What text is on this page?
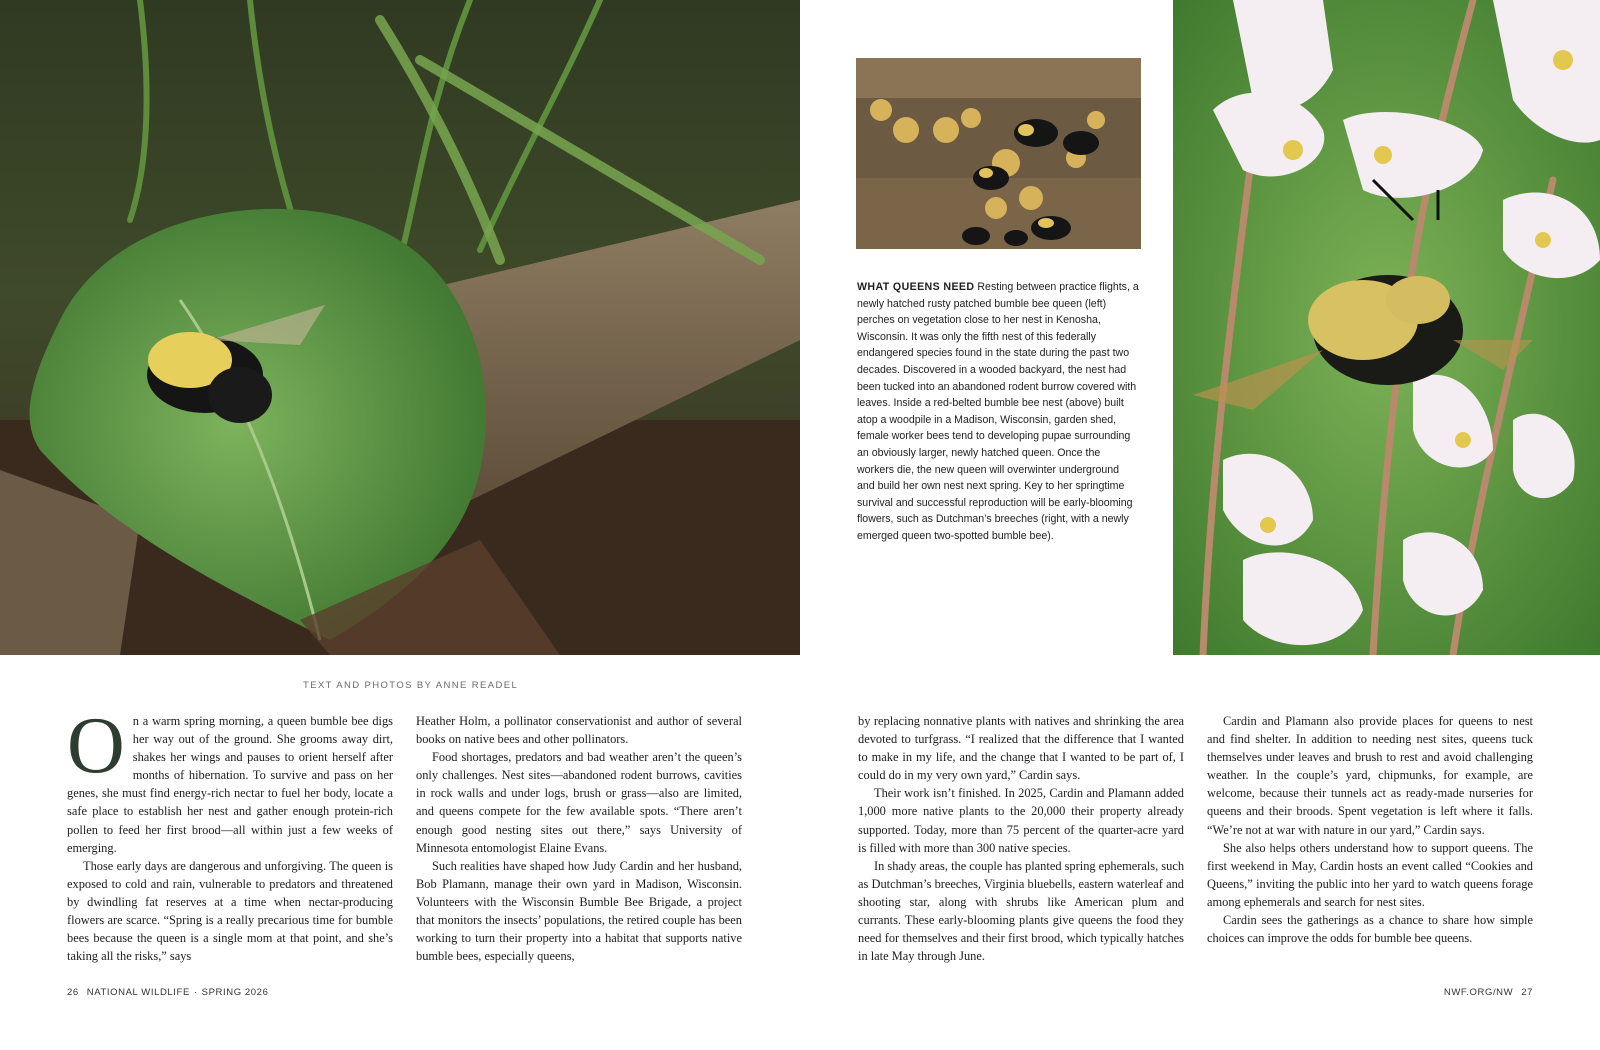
WHAT QUEENS NEED Resting between practice flights, a newly hatched rusty patched bumble bee queen (left) perches on vegetation close to her nest in Kenosha, Wisconsin. It was only the fifth nest of this federally endangered species found in the state during the past two decades. Discovered in a wooded backyard, the nest had been tucked into an abandoned rodent burrow covered with leaves. Inside a red-belted bumble bee nest (above) built atop a woodpile in a Madison, Wisconsin, garden shed, female worker bees tend to developing pupae surrounding an obviously larger, newly hatched queen. Once the workers die, the new queen will overwinter underground and build her own nest next spring. Key to her springtime survival and successful reproduction will be early-blooming flowers, such as Dutchman’s breeches (right, with a newly emerged queen two-spotted bumble bee).
TEXT AND PHOTOS BY ANNE READEL
O n a warm spring morning, a queen bumble bee digs her way out of the ground. She grooms away dirt, shakes her wings and pauses to orient herself after months of hibernation. To survive and pass on her genes, she must find energy-rich nectar to fuel her body, locate a safe place to establish her nest and gather enough protein-rich pollen to feed her first brood—all within just a few weeks of emerging.

Those early days are dangerous and unforgiving. The queen is exposed to cold and rain, vulnerable to predators and threatened by dwindling fat reserves at a time when nectar-producing flowers are scarce. “Spring is a really precarious time for bumble bees because the queen is a single mom at that point, and she’s taking all the risks,” says

Heather Holm, a pollinator conservationist and author of several books on native bees and other pollinators.

Food shortages, predators and bad weather aren’t the queen’s only challenges. Nest sites—abandoned rodent burrows, cavities in rock walls and under logs, brush or grass—also are limited, and queens compete for the few available spots. “There aren’t enough good nesting sites out there,” says University of Minnesota entomologist Elaine Evans.

Such realities have shaped how Judy Cardin and her husband, Bob Plamann, manage their own yard in Madison, Wisconsin. Volunteers with the Wisconsin Bumble Bee Brigade, a project that monitors the insects’ populations, the retired couple has been working to turn their property into a habitat that supports native bumble bees, especially queens,

by replacing nonnative plants with natives and shrinking the area devoted to turfgrass. “I realized that the difference that I wanted to make in my life, and the change that I wanted to be part of, I could do in my very own yard,” Cardin says.

Their work isn’t finished. In 2025, Cardin and Plamann added 1,000 more native plants to the 20,000 their property already supported. Today, more than 75 percent of the quarter-acre yard is filled with more than 300 native species.

In shady areas, the couple has planted spring ephemerals, such as Dutchman’s breeches, Virginia bluebells, eastern waterleaf and shooting star, along with shrubs like American plum and currants. These early-blooming plants give queens the food they need for themselves and their first brood, which typically hatches in late May through June.

Cardin and Plamann also provide places for queens to nest and find shelter. In addition to needing nest sites, queens tuck themselves under leaves and brush to rest and avoid challenging weather. In the couple’s yard, chipmunks, for example, are welcome, because their tunnels act as ready-made nurseries for queens and their broods. Spent vegetation is left where it falls. “We’re not at war with nature in our yard,” Cardin says.

She also helps others understand how to support queens. The first weekend in May, Cardin hosts an event called “Cookies and Queens,” inviting the public into her yard to watch queens forage among ephemerals and search for nest sites.

Cardin sees the gatherings as a chance to share how simple choices can improve the odds for bumble bee queens.

26 NATIONAL WILDLIFE · SPRING 2026	NWF.ORG/NW 27
